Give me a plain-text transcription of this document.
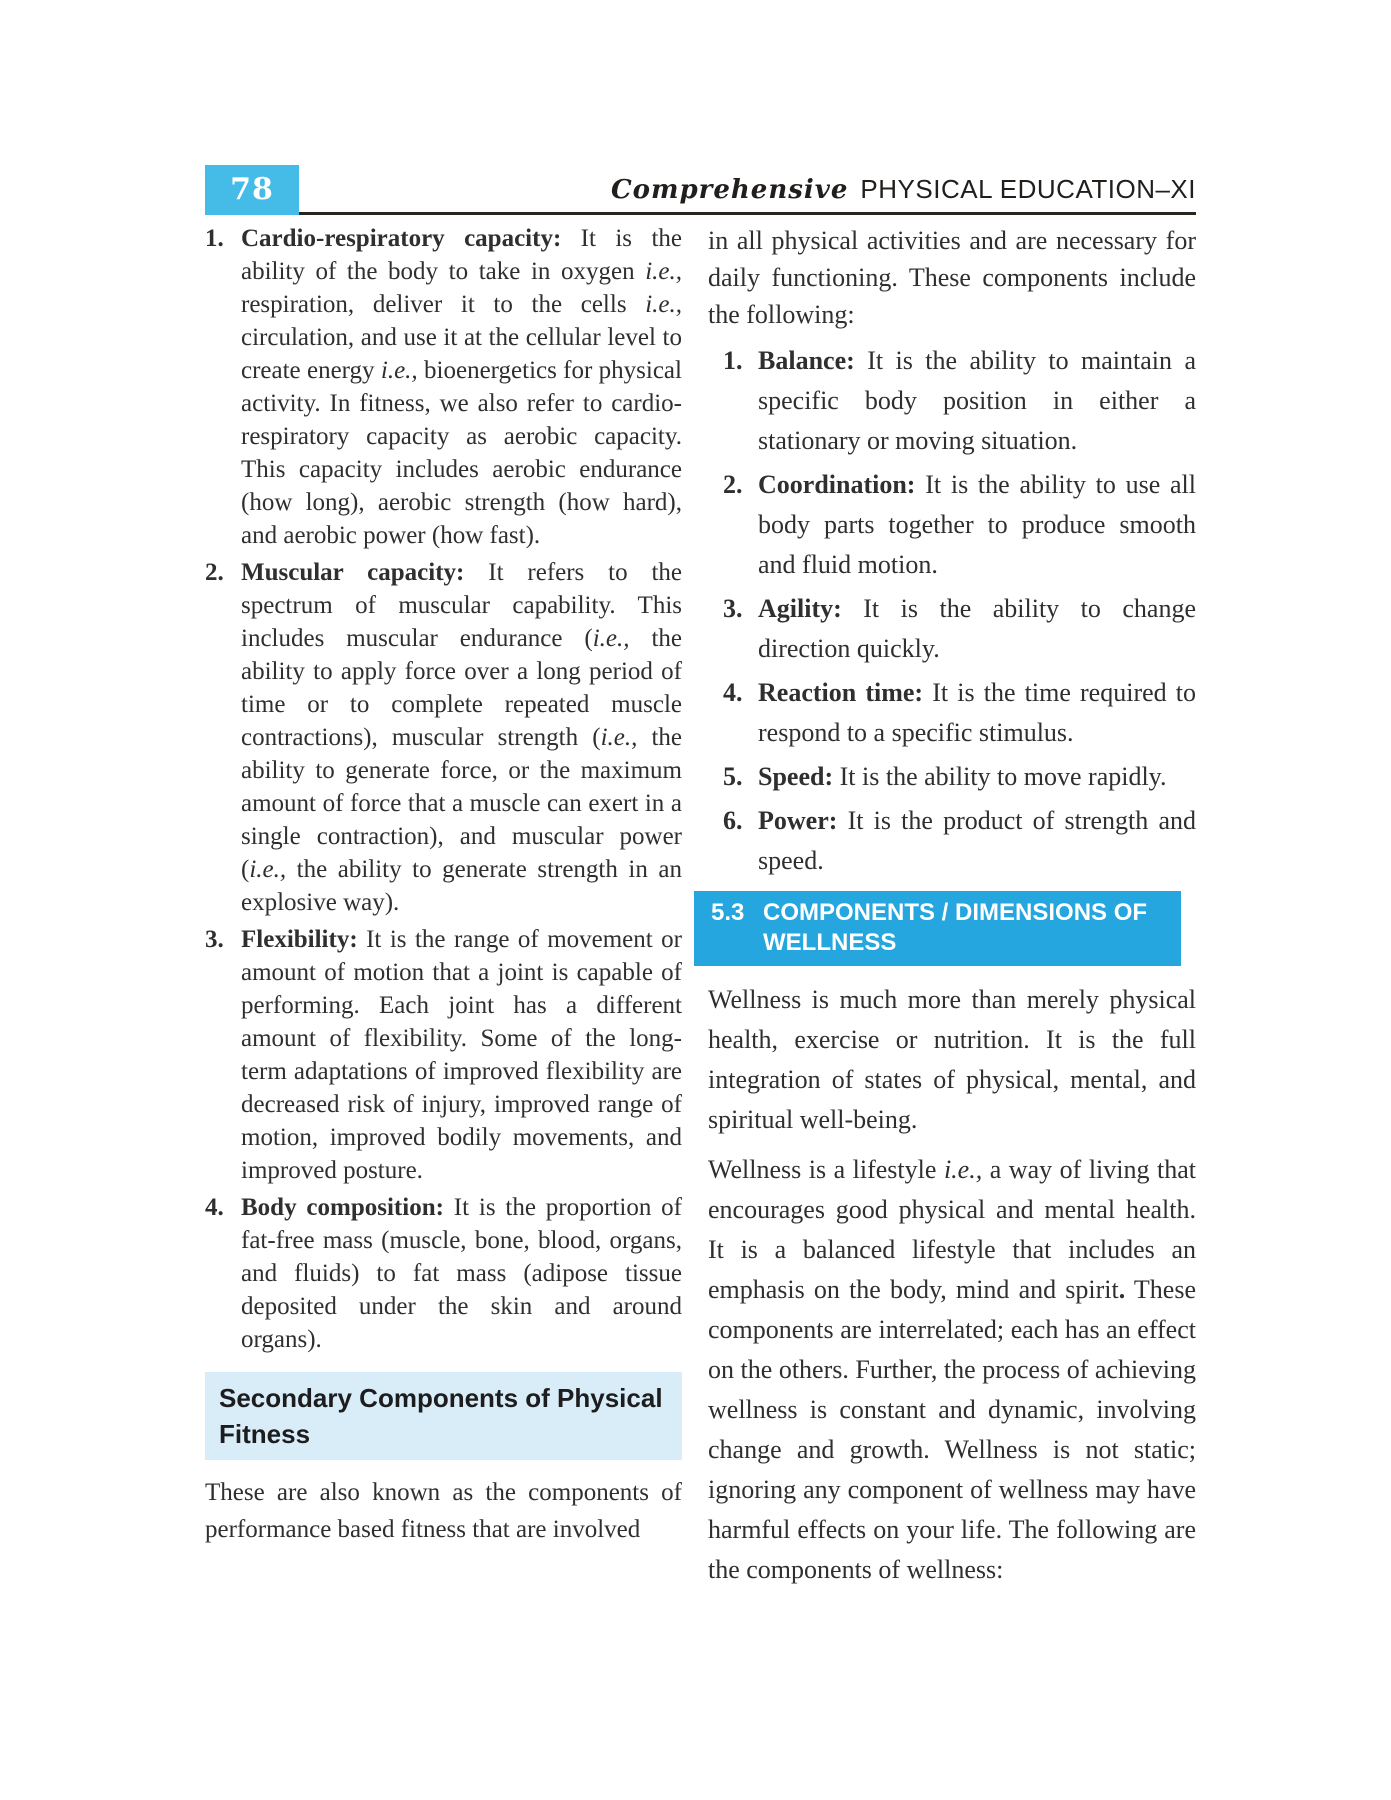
78	Comprehensive PHYSICAL EDUCATION–XI
1. Cardio-respiratory capacity: It is the ability of the body to take in oxygen i.e., respiration, deliver it to the cells i.e., circulation, and use it at the cellular level to create energy i.e., bioenergetics for physical activity. In fitness, we also refer to cardio-respiratory capacity as aerobic capacity. This capacity includes aerobic endurance (how long), aerobic strength (how hard), and aerobic power (how fast).
2. Muscular capacity: It refers to the spectrum of muscular capability. This includes muscular endurance (i.e., the ability to apply force over a long period of time or to complete repeated muscle contractions), muscular strength (i.e., the ability to generate force, or the maximum amount of force that a muscle can exert in a single contraction), and muscular power (i.e., the ability to generate strength in an explosive way).
3. Flexibility: It is the range of movement or amount of motion that a joint is capable of performing. Each joint has a different amount of flexibility. Some of the long-term adaptations of improved flexibility are decreased risk of injury, improved range of motion, improved bodily movements, and improved posture.
4. Body composition: It is the proportion of fat-free mass (muscle, bone, blood, organs, and fluids) to fat mass (adipose tissue deposited under the skin and around organs).
Secondary Components of Physical
Fitness

These are also known as the components of performance based fitness that are involved

in all physical activities and are necessary for daily functioning. These components include the following:

1. Balance: It is the ability to maintain a specific body position in either a stationary or moving situation.
2. Coordination: It is the ability to use all body parts together to produce smooth and fluid motion.
3. Agility: It is the ability to change direction quickly.
4. Reaction time: It is the time required to respond to a specific stimulus.
5. Speed: It is the ability to move rapidly.
6. Power: It is the product of strength and speed.
5.3 COMPONENTS / DIMENSIONS OF
WELLNESS

Wellness is much more than merely physical health, exercise or nutrition. It is the full integration of states of physical, mental, and spiritual well-being.

Wellness is a lifestyle i.e., a way of living that encourages good physical and mental health. It is a balanced lifestyle that includes an emphasis on the body, mind and spirit. These components are interrelated; each has an effect on the others. Further, the process of achieving wellness is constant and dynamic, involving change and growth. Wellness is not static; ignoring any component of wellness may have harmful effects on your life. The following are the components of wellness:
